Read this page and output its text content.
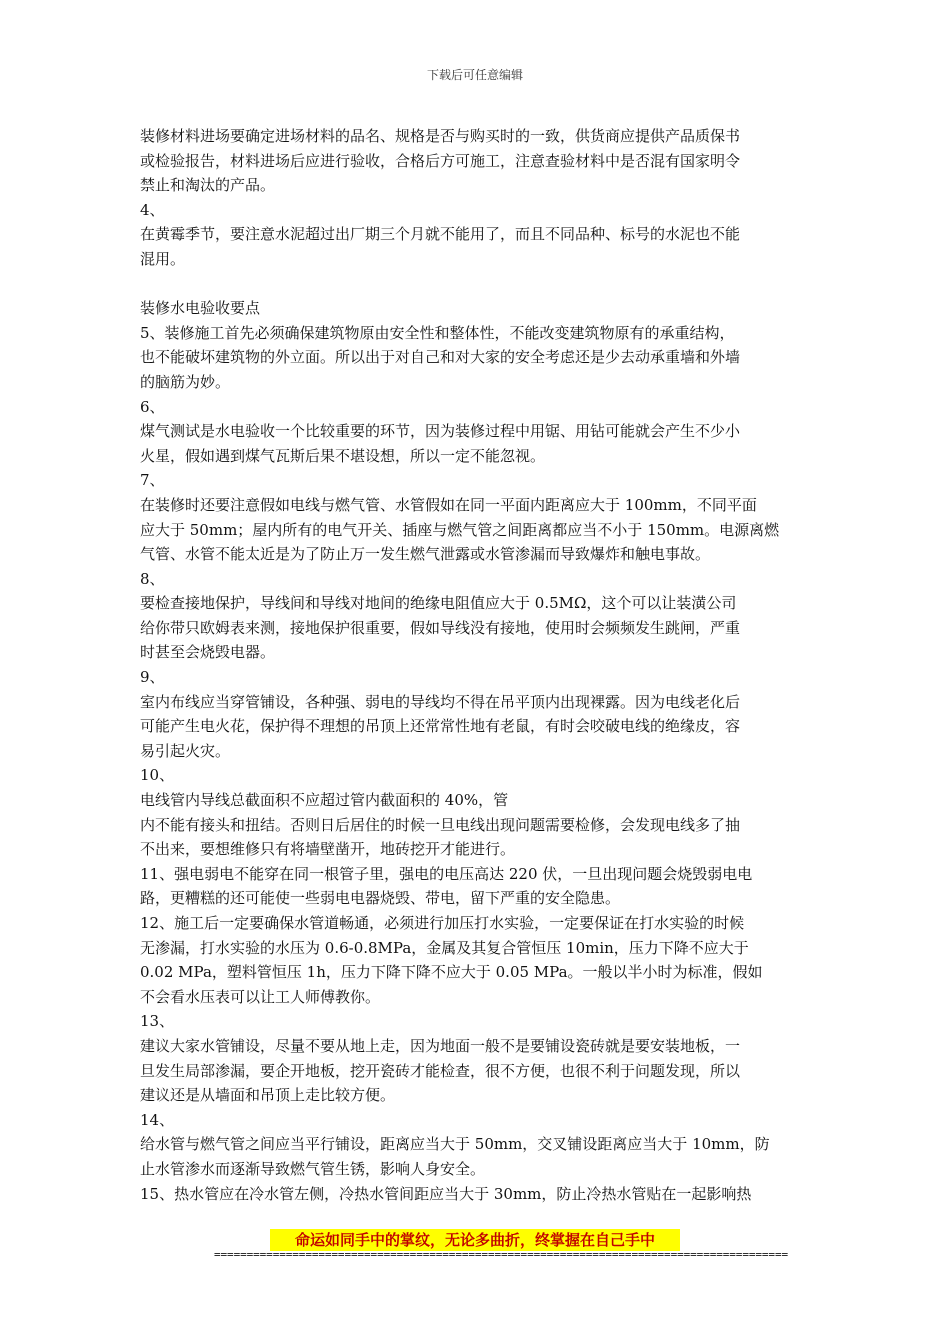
下载后可任意编辑
装修材料进场要确定进场材料的品名、规格是否与购买时的一致，供货商应提供产品质保书
或检验报告，材料进场后应进行验收，合格后方可施工，注意查验材料中是否混有国家明令
禁止和淘汰的产品。
4、
在黄霉季节，要注意水泥超过出厂期三个月就不能用了，而且不同品种、标号的水泥也不能
混用。
装修水电验收要点
5、装修施工首先必须确保建筑物原由安全性和整体性，不能改变建筑物原有的承重结构，
也不能破坏建筑物的外立面。所以出于对自己和对大家的安全考虑还是少去动承重墙和外墙
的脑筋为妙。
6、
煤气测试是水电验收一个比较重要的环节，因为装修过程中用锯、用钻可能就会产生不少小
火星，假如遇到煤气瓦斯后果不堪设想，所以一定不能忽视。
7、
在装修时还要注意假如电线与燃气管、水管假如在同一平面内距离应大于 100mm，不同平面
应大于 50mm；屋内所有的电气开关、插座与燃气管之间距离都应当不小于 150mm。电源离燃
气管、水管不能太近是为了防止万一发生燃气泄露或水管渗漏而导致爆炸和触电事故。
8、
要检查接地保护，导线间和导线对地间的绝缘电阻值应大于 0.5MΩ，这个可以让装潢公司
给你带只欧姆表来测，接地保护很重要，假如导线没有接地，使用时会频频发生跳闸，严重
时甚至会烧毁电器。
9、
室内布线应当穿管铺设，各种强、弱电的导线均不得在吊平顶内出现裸露。因为电线老化后
可能产生电火花，保护得不理想的吊顶上还常常性地有老鼠，有时会咬破电线的绝缘皮，容
易引起火灾。
10、
电线管内导线总截面积不应超过管内截面积的 40%，管
内不能有接头和扭结。否则日后居住的时候一旦电线出现问题需要检修，会发现电线多了抽
不出来，要想维修只有将墙壁凿开，地砖挖开才能进行。
11、强电弱电不能穿在同一根管子里，强电的电压高达 220 伏，一旦出现问题会烧毁弱电电
路，更糟糕的还可能使一些弱电电器烧毁、带电，留下严重的安全隐患。
12、施工后一定要确保水管道畅通，必须进行加压打水实验，一定要保证在打水实验的时候
无渗漏，打水实验的水压为 0.6-0.8MPa，金属及其复合管恒压 10min，压力下降不应大于
0.02 MPa，塑料管恒压 1h，压力下降下降不应大于 0.05 MPa。一般以半小时为标准，假如
不会看水压表可以让工人师傅教你。
13、
建议大家水管铺设，尽量不要从地上走，因为地面一般不是要铺设瓷砖就是要安装地板，一
旦发生局部渗漏，要企开地板，挖开瓷砖才能检查，很不方便，也很不利于问题发现，所以
建议还是从墙面和吊顶上走比较方便。
14、
给水管与燃气管之间应当平行铺设，距离应当大于 50mm，交叉铺设距离应当大于 10mm，防
止水管渗水而逐渐导致燃气管生锈，影响人身安全。
15、热水管应在冷水管左侧，冷热水管间距应当大于 30mm，防止冷热水管贴在一起影响热
命运如同手中的掌纹，无论多曲折，终掌握在自己手中
========================================================================================
